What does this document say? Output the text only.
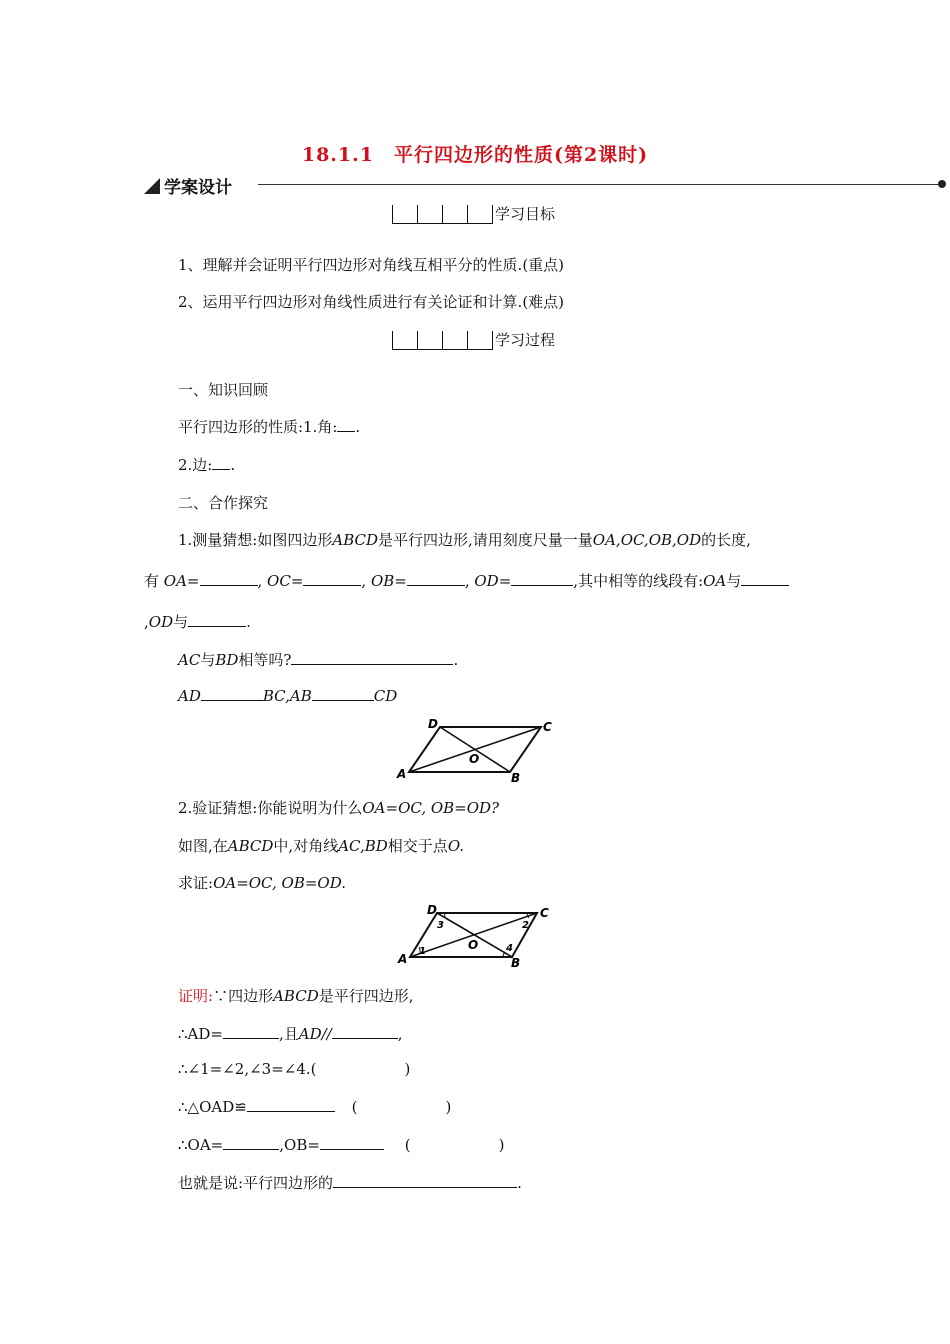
18.1.1　平行四边形的性质(第2课时)
学案设计
学习目标
1、理解并会证明平行四边形对角线互相平分的性质.(重点)
2、运用平行四边形对角线性质进行有关论证和计算.(难点)
学习过程
一、知识回顾
平行四边形的性质:1.角: .
2.边: .
二、合作探究
1.测量猜想:如图四边形ABCD是平行四边形,请用刻度尺量一量OA,OC,OB,OD的长度,
有 OA=	, OC=	, OB=	, OD=	,其中相等的线段有:OA与
,OD与	.
AC与BD相等吗?	.
AD	BC,AB	CD
A	B
C
D
O
2.验证猜想:你能说明为什么OA=OC, OB=OD?
如图,在ABCD中,对角线AC,BD相交于点O.
求证:OA=OC, OB=OD.
A	B
C
D
O
1
2
3
4
证明:∵四边形ABCD是平行四边形,
∴AD=	,且AD//	,
∴∠1=∠2,∠3=∠4.(	)
∴△OAD≌	(	)
∴OA=	,OB=	(	)
也就是说:平行四边形的	.
